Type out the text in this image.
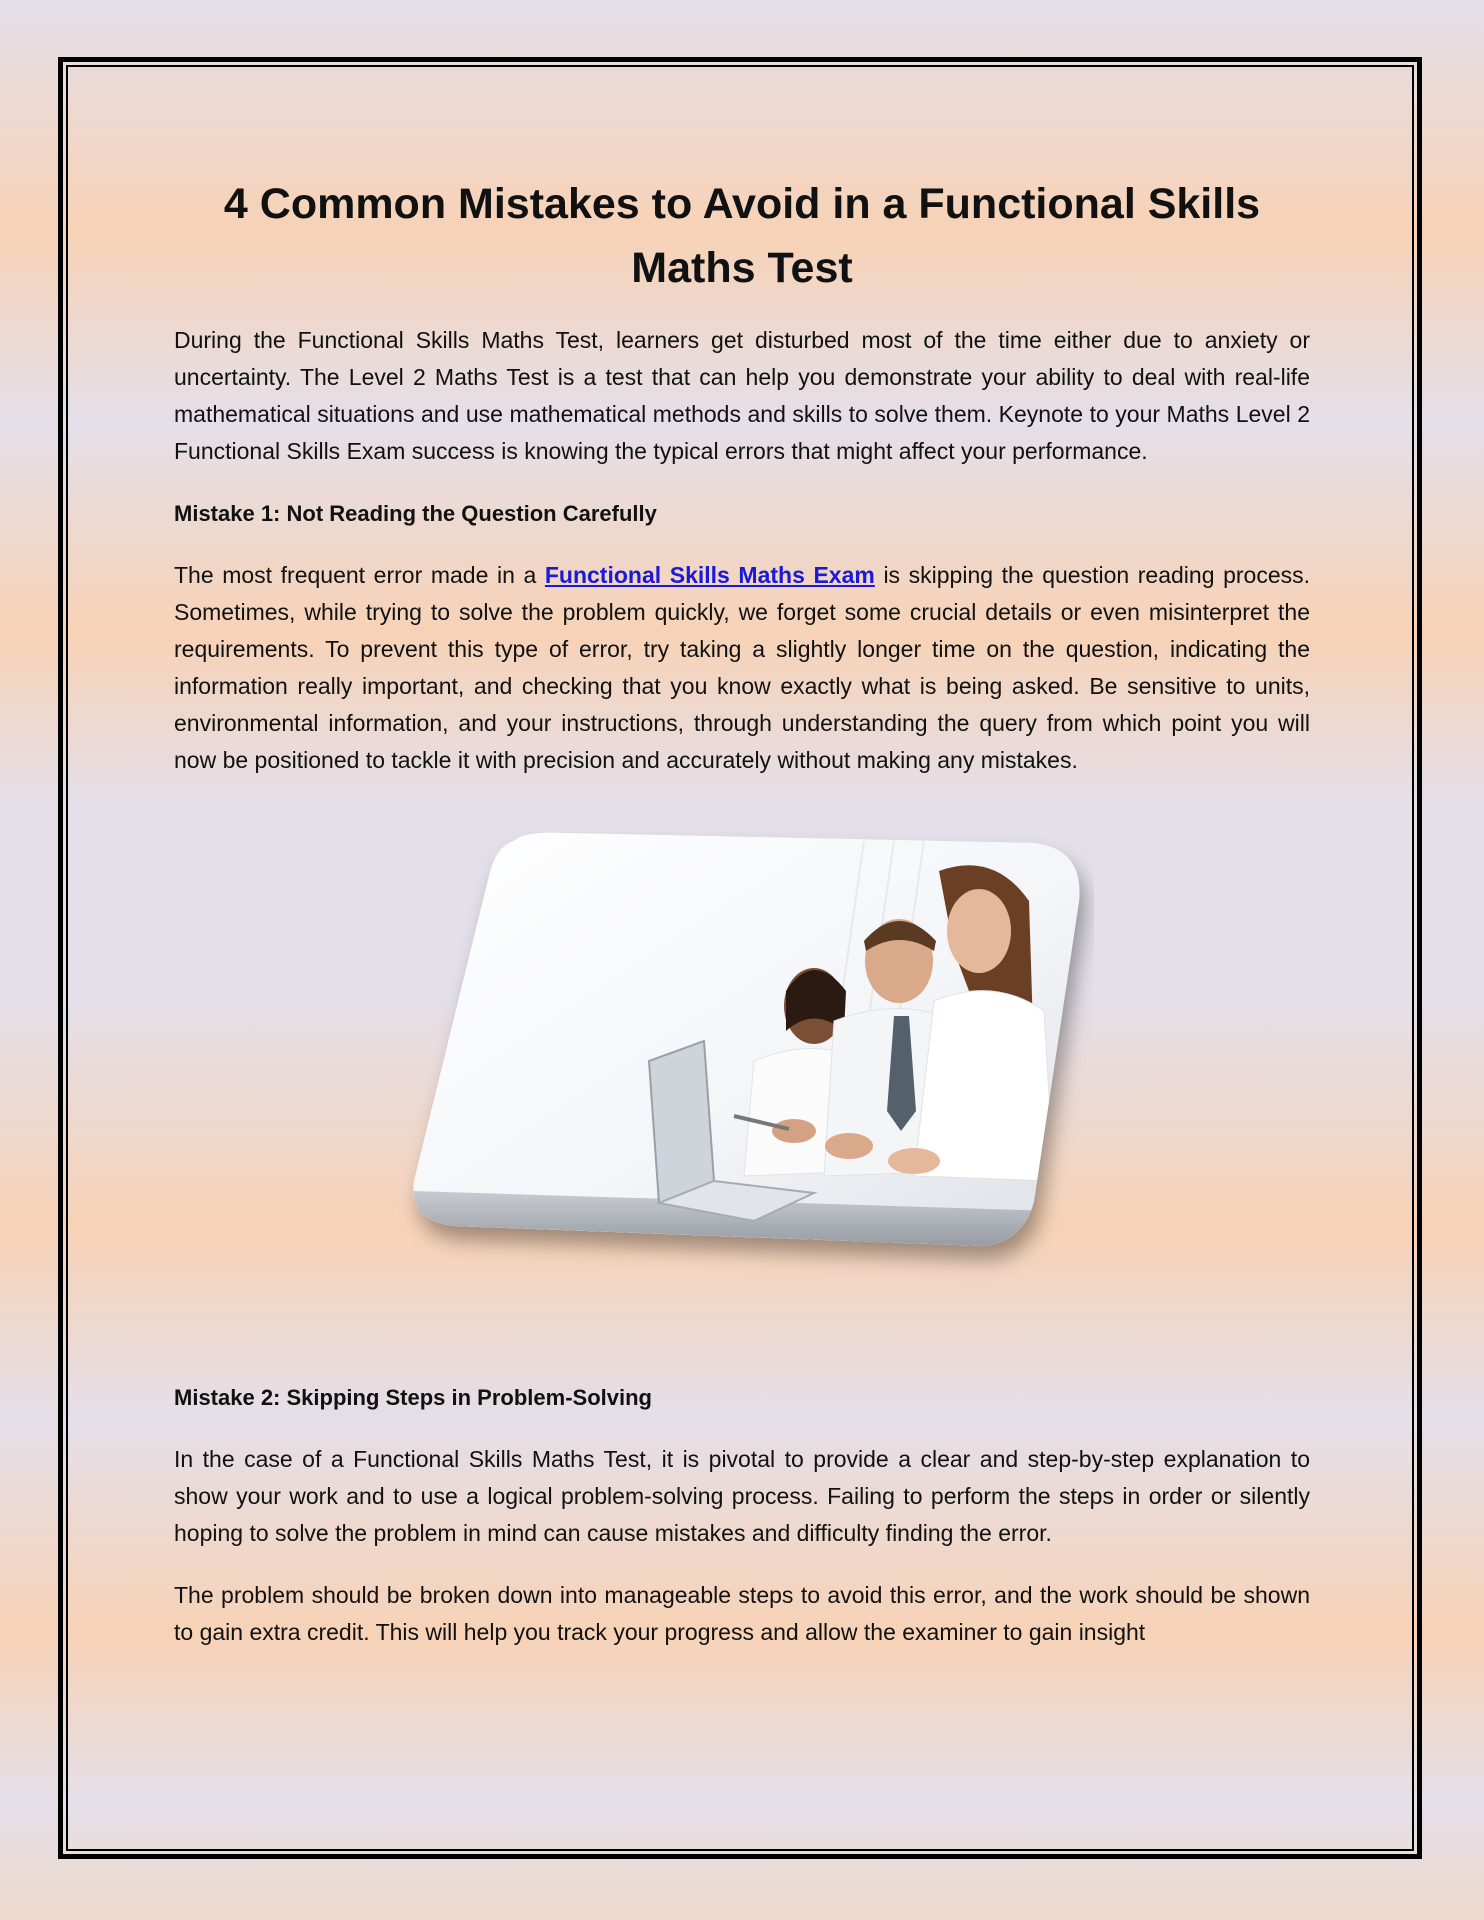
4 Common Mistakes to Avoid in a Functional Skills Maths Test

During the Functional Skills Maths Test, learners get disturbed most of the time either due to anxiety or uncertainty. The Level 2 Maths Test is a test that can help you demonstrate your ability to deal with real-life mathematical situations and use mathematical methods and skills to solve them. Keynote to your Maths Level 2 Functional Skills Exam success is knowing the typical errors that might affect your performance.

Mistake 1: Not Reading the Question Carefully

The most frequent error made in a Functional Skills Maths Exam is skipping the question reading process. Sometimes, while trying to solve the problem quickly, we forget some crucial details or even misinterpret the requirements. To prevent this type of error, try taking a slightly longer time on the question, indicating the information really important, and checking that you know exactly what is being asked. Be sensitive to units, environmental information, and your instructions, through understanding the query from which point you will now be positioned to tackle it with precision and accurately without making any mistakes.

Mistake 2: Skipping Steps in Problem-Solving

In the case of a Functional Skills Maths Test, it is pivotal to provide a clear and step-by-step explanation to show your work and to use a logical problem-solving process. Failing to perform the steps in order or silently hoping to solve the problem in mind can cause mistakes and difficulty finding the error.

The problem should be broken down into manageable steps to avoid this error, and the work should be shown to gain extra credit. This will help you track your progress and allow the examiner to gain insight
